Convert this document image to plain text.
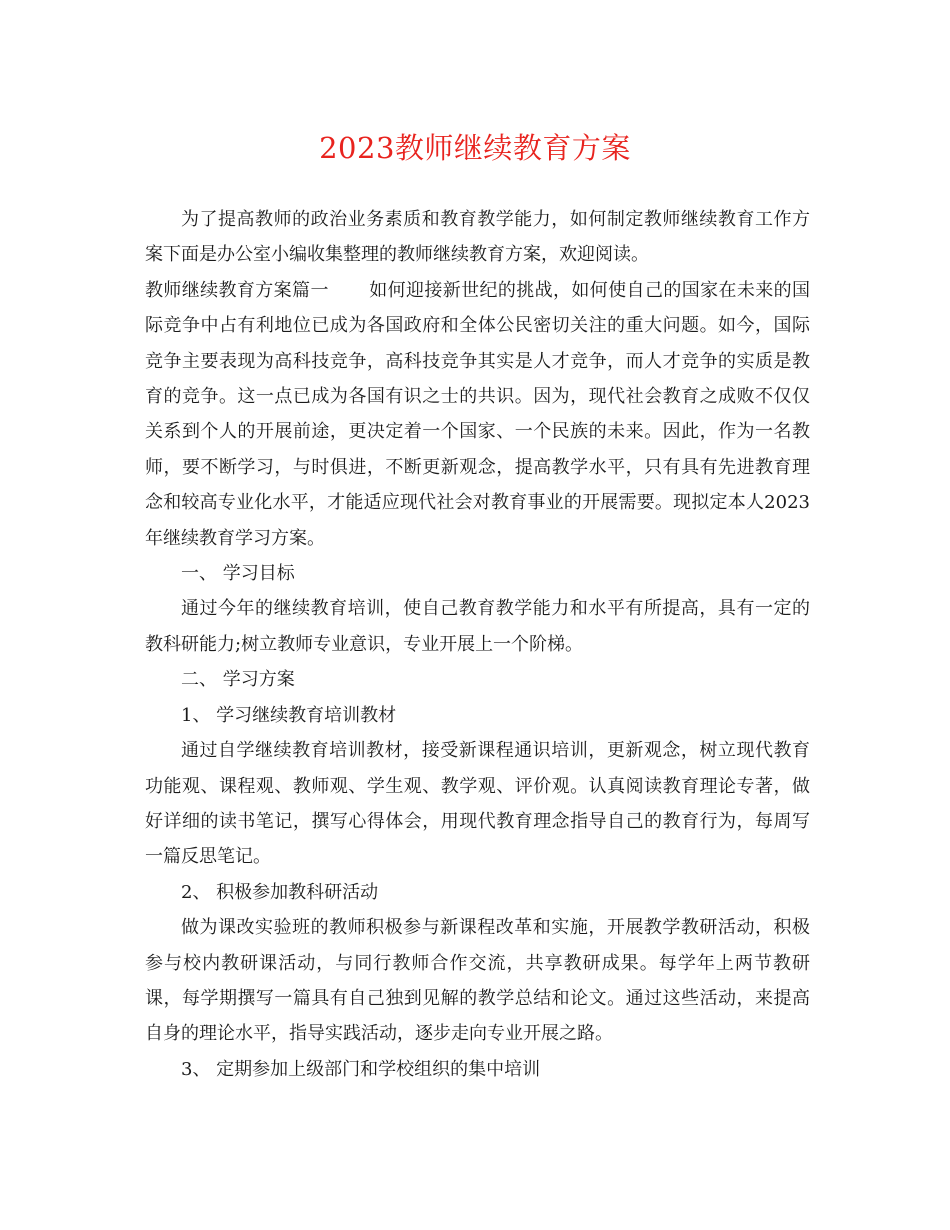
2023教师继续教育方案

为了提高教师的政治业务素质和教育教学能力，如何制定教师继续教育工作方案下面是办公室小编收集整理的教师继续教育方案，欢迎阅读。

教师继续教育方案篇一 如何迎接新世纪的挑战，如何使自己的国家在未来的国际竞争中占有利地位已成为各国政府和全体公民密切关注的重大问题。如今，国际竞争主要表现为高科技竞争，高科技竞争其实是人才竞争，而人才竞争的实质是教育的竞争。这一点已成为各国有识之士的共识。因为，现代社会教育之成败不仅仅关系到个人的开展前途，更决定着一个国家、一个民族的未来。因此，作为一名教师，要不断学习，与时俱进，不断更新观念，提高教学水平，只有具有先进教育理念和较高专业化水平，才能适应现代社会对教育事业的开展需要。现拟定本人2023年继续教育学习方案。

一、 学习目标

通过今年的继续教育培训，使自己教育教学能力和水平有所提高，具有一定的教科研能力;树立教师专业意识，专业开展上一个阶梯。

二、 学习方案

1、 学习继续教育培训教材

通过自学继续教育培训教材，接受新课程通识培训，更新观念，树立现代教育功能观、课程观、教师观、学生观、教学观、评价观。认真阅读教育理论专著，做好详细的读书笔记，撰写心得体会，用现代教育理念指导自己的教育行为，每周写一篇反思笔记。

2、 积极参加教科研活动

做为课改实验班的教师积极参与新课程改革和实施，开展教学教研活动，积极参与校内教研课活动，与同行教师合作交流，共享教研成果。每学年上两节教研课，每学期撰写一篇具有自己独到见解的教学总结和论文。通过这些活动，来提高自身的理论水平，指导实践活动，逐步走向专业开展之路。

3、 定期参加上级部门和学校组织的集中培训
